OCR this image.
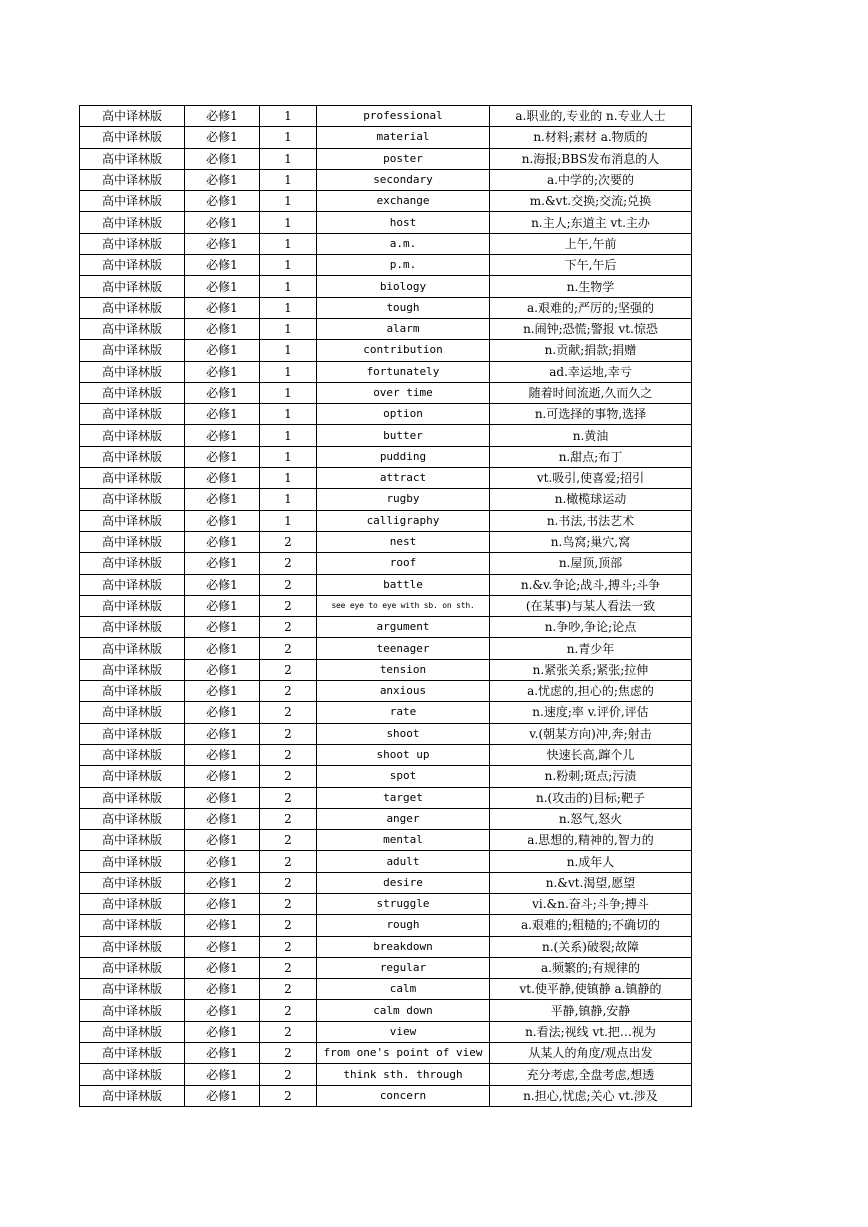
高中译林版	必修1	1	professional	a.职业的,专业的 n.专业人士
高中译林版	必修1	1	material	n.材料;素材 a.物质的
高中译林版	必修1	1	poster	n.海报;BBS发布消息的人
高中译林版	必修1	1	secondary	a.中学的;次要的
高中译林版	必修1	1	exchange	m.&vt.交换;交流;兑换
高中译林版	必修1	1	host	n.主人;东道主 vt.主办
高中译林版	必修1	1	a.m.	上午,午前
高中译林版	必修1	1	p.m.	下午,午后
高中译林版	必修1	1	biology	n.生物学
高中译林版	必修1	1	tough	a.艰难的;严厉的;坚强的
高中译林版	必修1	1	alarm	n.闹钟;恐慌;警报 vt.惊恐
高中译林版	必修1	1	contribution	n.贡献;捐款;捐赠
高中译林版	必修1	1	fortunately	ad.幸运地,幸亏
高中译林版	必修1	1	over time	随着时间流逝,久而久之
高中译林版	必修1	1	option	n.可选择的事物,选择
高中译林版	必修1	1	butter	n.黄油
高中译林版	必修1	1	pudding	n.甜点;布丁
高中译林版	必修1	1	attract	vt.吸引,使喜爱;招引
高中译林版	必修1	1	rugby	n.橄榄球运动
高中译林版	必修1	1	calligraphy	n.书法,书法艺术
高中译林版	必修1	2	nest	n.鸟窝;巢穴,窝
高中译林版	必修1	2	roof	n.屋顶,顶部
高中译林版	必修1	2	battle	n.&v.争论;战斗,搏斗;斗争
高中译林版	必修1	2	see eye to eye with sb. on sth.	(在某事)与某人看法一致
高中译林版	必修1	2	argument	n.争吵,争论;论点
高中译林版	必修1	2	teenager	n.青少年
高中译林版	必修1	2	tension	n.紧张关系;紧张;拉伸
高中译林版	必修1	2	anxious	a.忧虑的,担心的;焦虑的
高中译林版	必修1	2	rate	n.速度;率 v.评价,评估
高中译林版	必修1	2	shoot	v.(朝某方向)冲,奔;射击
高中译林版	必修1	2	shoot up	快速长高,蹿个儿
高中译林版	必修1	2	spot	n.粉刺;斑点;污渍
高中译林版	必修1	2	target	n.(攻击的)目标;靶子
高中译林版	必修1	2	anger	n.怒气,怒火
高中译林版	必修1	2	mental	a.思想的,精神的,智力的
高中译林版	必修1	2	adult	n.成年人
高中译林版	必修1	2	desire	n.&vt.渴望,愿望
高中译林版	必修1	2	struggle	vi.&n.奋斗;斗争;搏斗
高中译林版	必修1	2	rough	a.艰难的;粗糙的;不确切的
高中译林版	必修1	2	breakdown	n.(关系)破裂;故障
高中译林版	必修1	2	regular	a.频繁的;有规律的
高中译林版	必修1	2	calm	vt.使平静,使镇静 a.镇静的
高中译林版	必修1	2	calm down	平静,镇静,安静
高中译林版	必修1	2	view	n.看法;视线 vt.把…视为
高中译林版	必修1	2	from one's point of view	从某人的角度/观点出发
高中译林版	必修1	2	think sth. through	充分考虑,全盘考虑,想透
高中译林版	必修1	2	concern	n.担心,忧虑;关心 vt.涉及
